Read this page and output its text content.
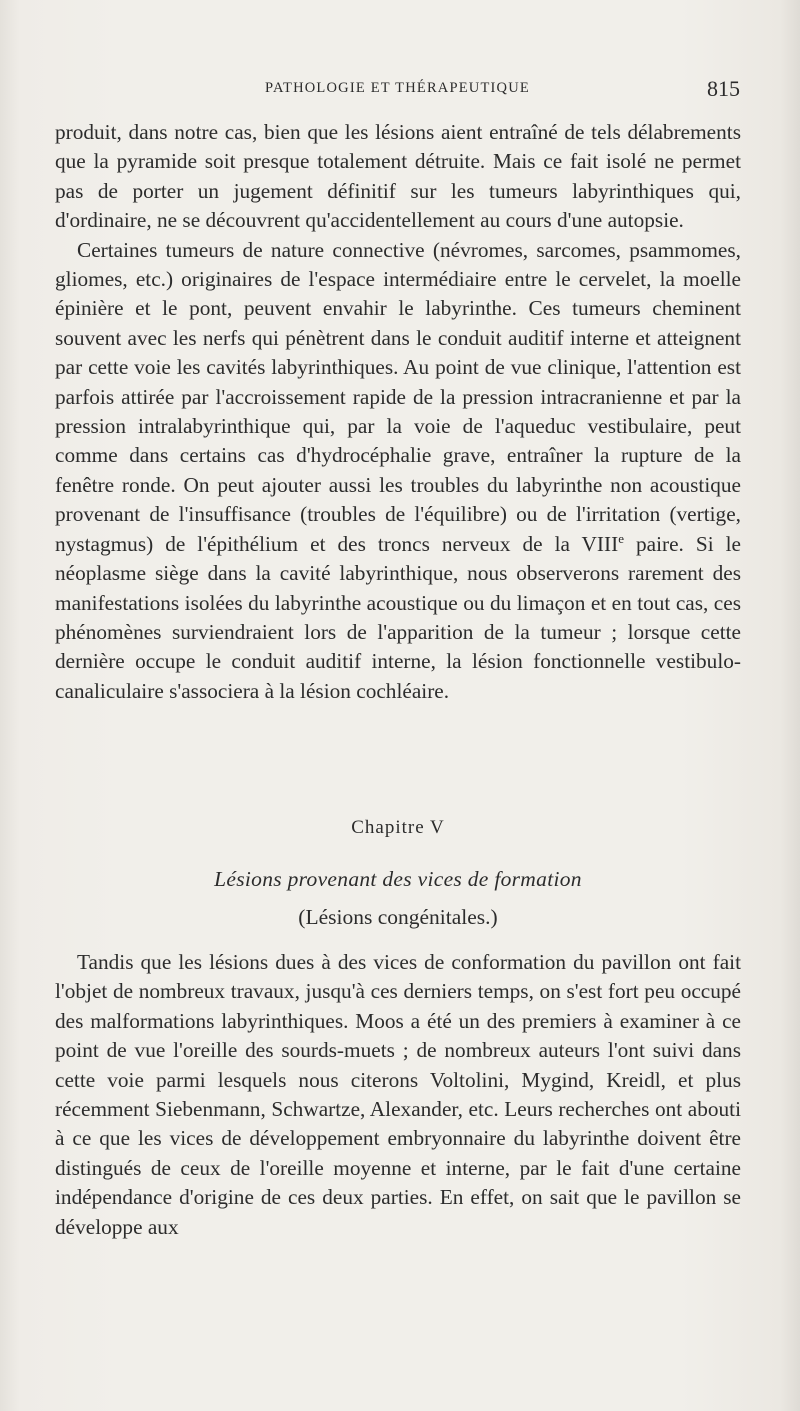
PATHOLOGIE ET THÉRAPEUTIQUE	815

produit, dans notre cas, bien que les lésions aient entraîné de tels délabrements que la pyramide soit presque totalement détruite. Mais ce fait isolé ne permet pas de porter un jugement définitif sur les tumeurs labyrinthiques qui, d'ordinaire, ne se découvrent qu'accidentellement au cours d'une autopsie.

Certaines tumeurs de nature connective (névromes, sarcomes, psammomes, gliomes, etc.) originaires de l'espace intermédiaire entre le cervelet, la moelle épinière et le pont, peuvent envahir le labyrinthe. Ces tumeurs cheminent souvent avec les nerfs qui pénètrent dans le conduit auditif interne et atteignent par cette voie les cavités labyrinthiques. Au point de vue clinique, l'attention est parfois attirée par l'accroissement rapide de la pression intracranienne et par la pression intralabyrinthique qui, par la voie de l'aqueduc vestibulaire, peut comme dans certains cas d'hydrocéphalie grave, entraîner la rupture de la fenêtre ronde. On peut ajouter aussi les troubles du labyrinthe non acoustique provenant de l'insuffisance (troubles de l'équilibre) ou de l'irritation (vertige, nystagmus) de l'épithélium et des troncs nerveux de la VIIIe paire. Si le néoplasme siège dans la cavité labyrinthique, nous observerons rarement des manifestations isolées du labyrinthe acoustique ou du limaçon et en tout cas, ces phénomènes surviendraient lors de l'apparition de la tumeur ; lorsque cette dernière occupe le conduit auditif interne, la lésion fonctionnelle vestibulo-canaliculaire s'associera à la lésion cochléaire.

Chapitre V
Lésions provenant des vices de formation
(Lésions congénitales.)

Tandis que les lésions dues à des vices de conformation du pavillon ont fait l'objet de nombreux travaux, jusqu'à ces derniers temps, on s'est fort peu occupé des malformations labyrinthiques. Moos a été un des premiers à examiner à ce point de vue l'oreille des sourds-muets ; de nombreux auteurs l'ont suivi dans cette voie parmi lesquels nous citerons Voltolini, Mygind, Kreidl, et plus récemment Siebenmann, Schwartze, Alexander, etc. Leurs recherches ont abouti à ce que les vices de développement embryonnaire du labyrinthe doivent être distingués de ceux de l'oreille moyenne et interne, par le fait d'une certaine indépendance d'origine de ces deux parties. En effet, on sait que le pavillon se développe aux
